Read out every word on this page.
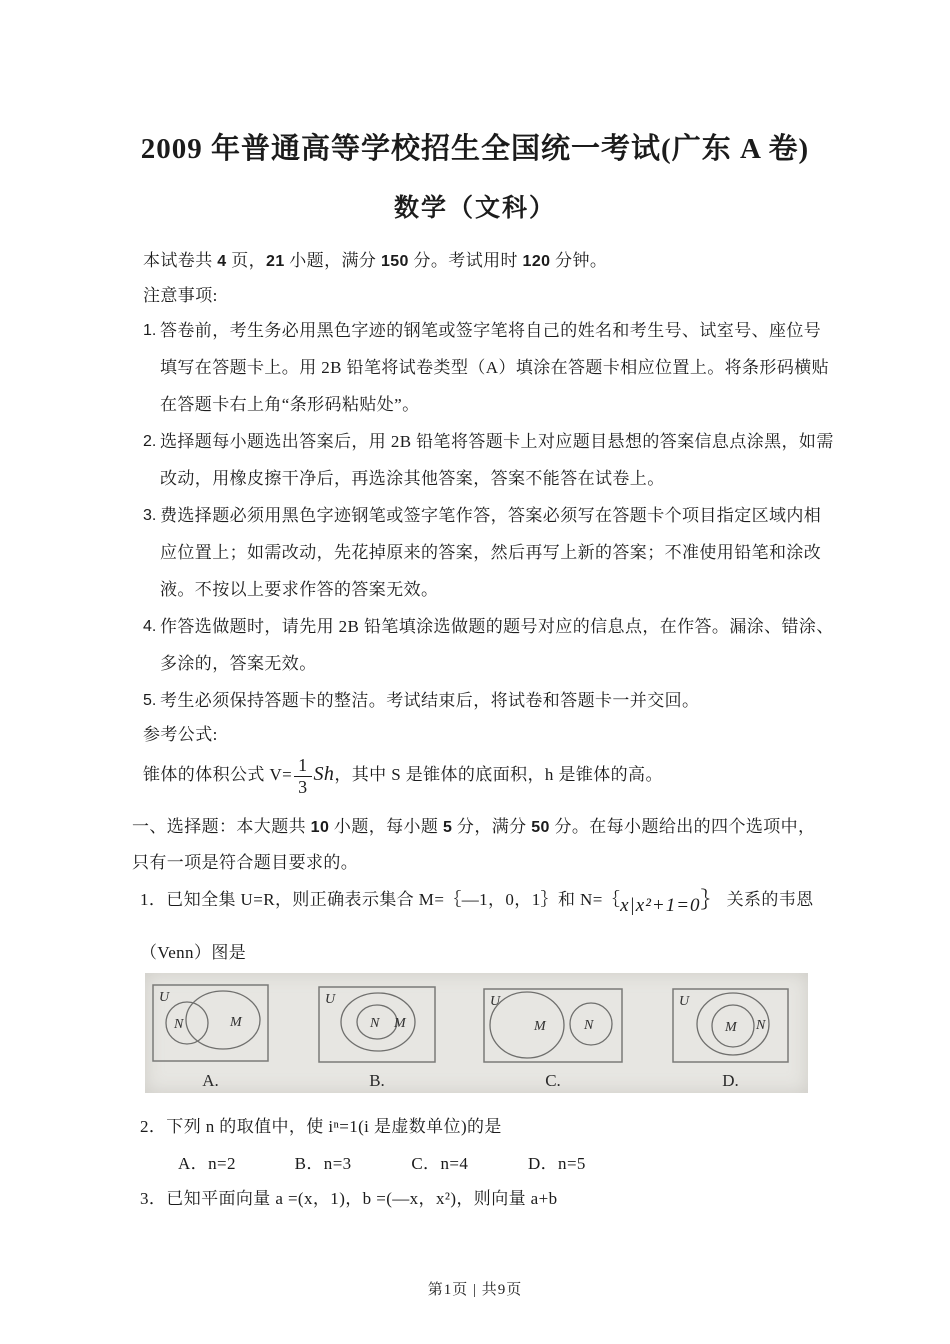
2009 年普通高等学校招生全国统一考试(广东 A 卷)
数学（文科）
本试卷共 4 页，21 小题，满分 150 分。考试用时 120 分钟。
注意事项:
1. 答卷前，考生务必用黑色字迹的钢笔或签字笔将自己的姓名和考生号、试室号、座位号
填写在答题卡上。用 2B 铅笔将试卷类型（A）填涂在答题卡相应位置上。将条形码横贴
在答题卡右上角“条形码粘贴处”。
2. 选择题每小题选出答案后，用 2B 铅笔将答题卡上对应题目悬想的答案信息点涂黑，如需
改动，用橡皮擦干净后，再选涂其他答案，答案不能答在试卷上。
3. 费选择题必须用黑色字迹钢笔或签字笔作答，答案必须写在答题卡个项目指定区域内相
应位置上；如需改动，先花掉原来的答案，然后再写上新的答案；不准使用铅笔和涂改
液。不按以上要求作答的答案无效。
4. 作答选做题时，请先用 2B 铅笔填涂选做题的题号对应的信息点，在作答。漏涂、错涂、
多涂的，答案无效。
5. 考生必须保持答题卡的整洁。考试结束后，将试卷和答题卡一并交回。
参考公式:
锥体的体积公式 $V= \frac{1}{3}$ Sh，其中 S 是锥体的底面积，h 是锥体的高。
一、选择题：本大题共 10 小题，每小题 5 分，满分 50 分。在每小题给出的四个选项中，
只有一项是符合题目要求的。
1．已知全集 U=R，则正确表示集合 M=｛—1，0，1｝和 N=｛x|x²+1=0｝ 关系的韦恩
（Venn）图是
U
N	M
U
N M
U
M	N
U
M N
A.	B.	C.	D.
2．下列 n 的取值中，使 iⁿ=1(i 是虚数单位)的是
A．n=2	B．n=3	C．n=4	D．n=5
3．已知平面向量 a =(x，1)，b =(—x，x²)，则向量 a+b
第1页 | 共9页
